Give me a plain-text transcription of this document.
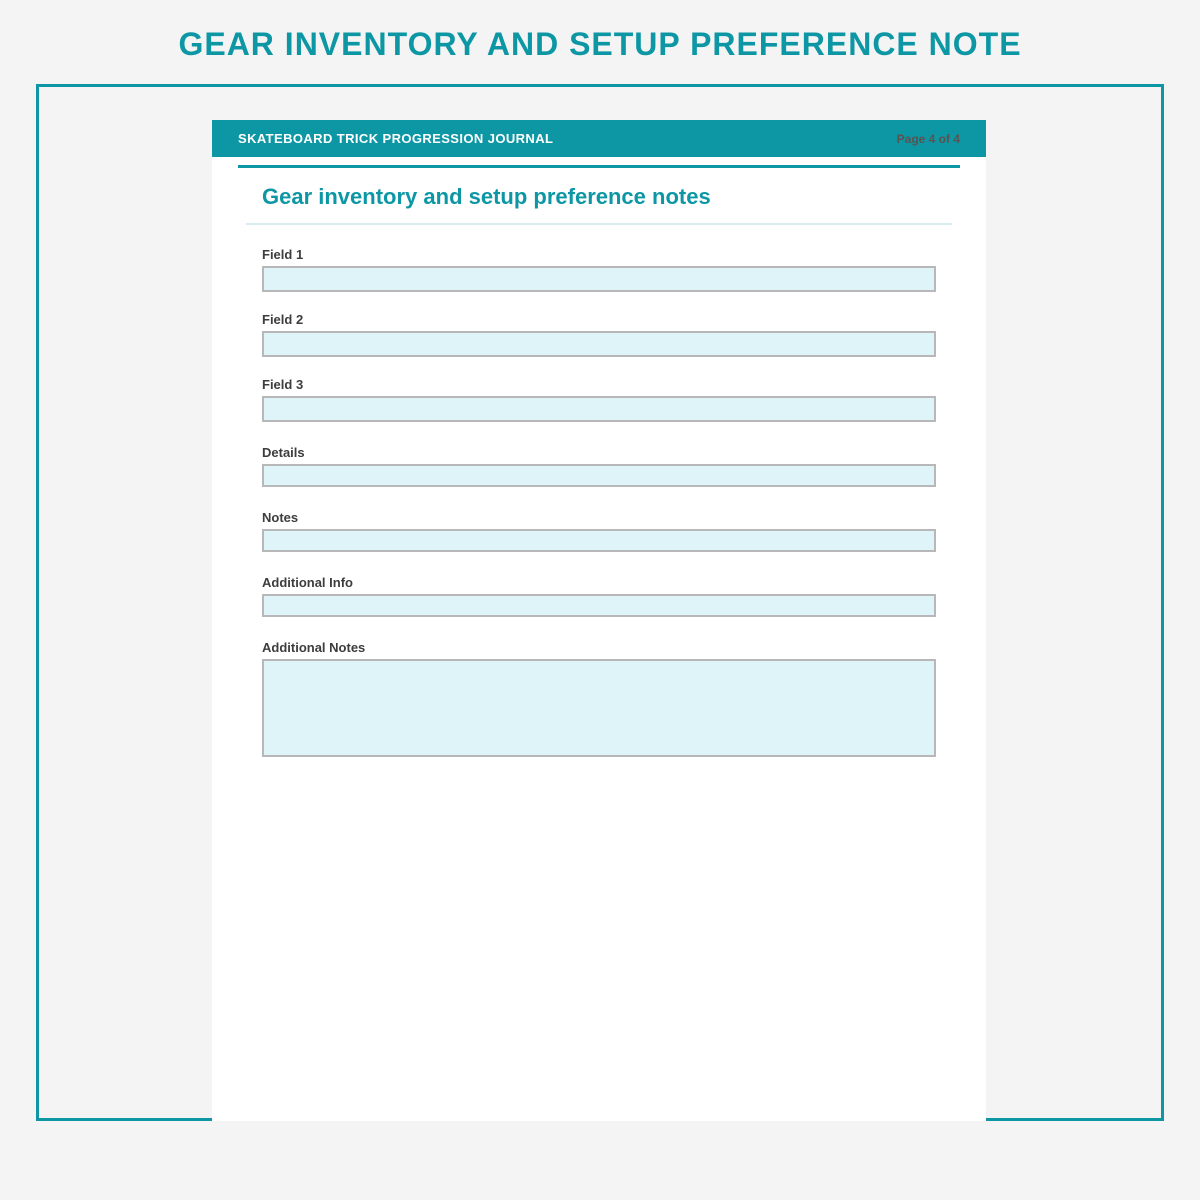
GEAR INVENTORY AND SETUP PREFERENCE NOTE
SKATEBOARD TRICK PROGRESSION JOURNAL	Page 4 of 4
Gear inventory and setup preference notes
Field 1
Field 2
Field 3
Details
Notes
Additional Info
Additional Notes
